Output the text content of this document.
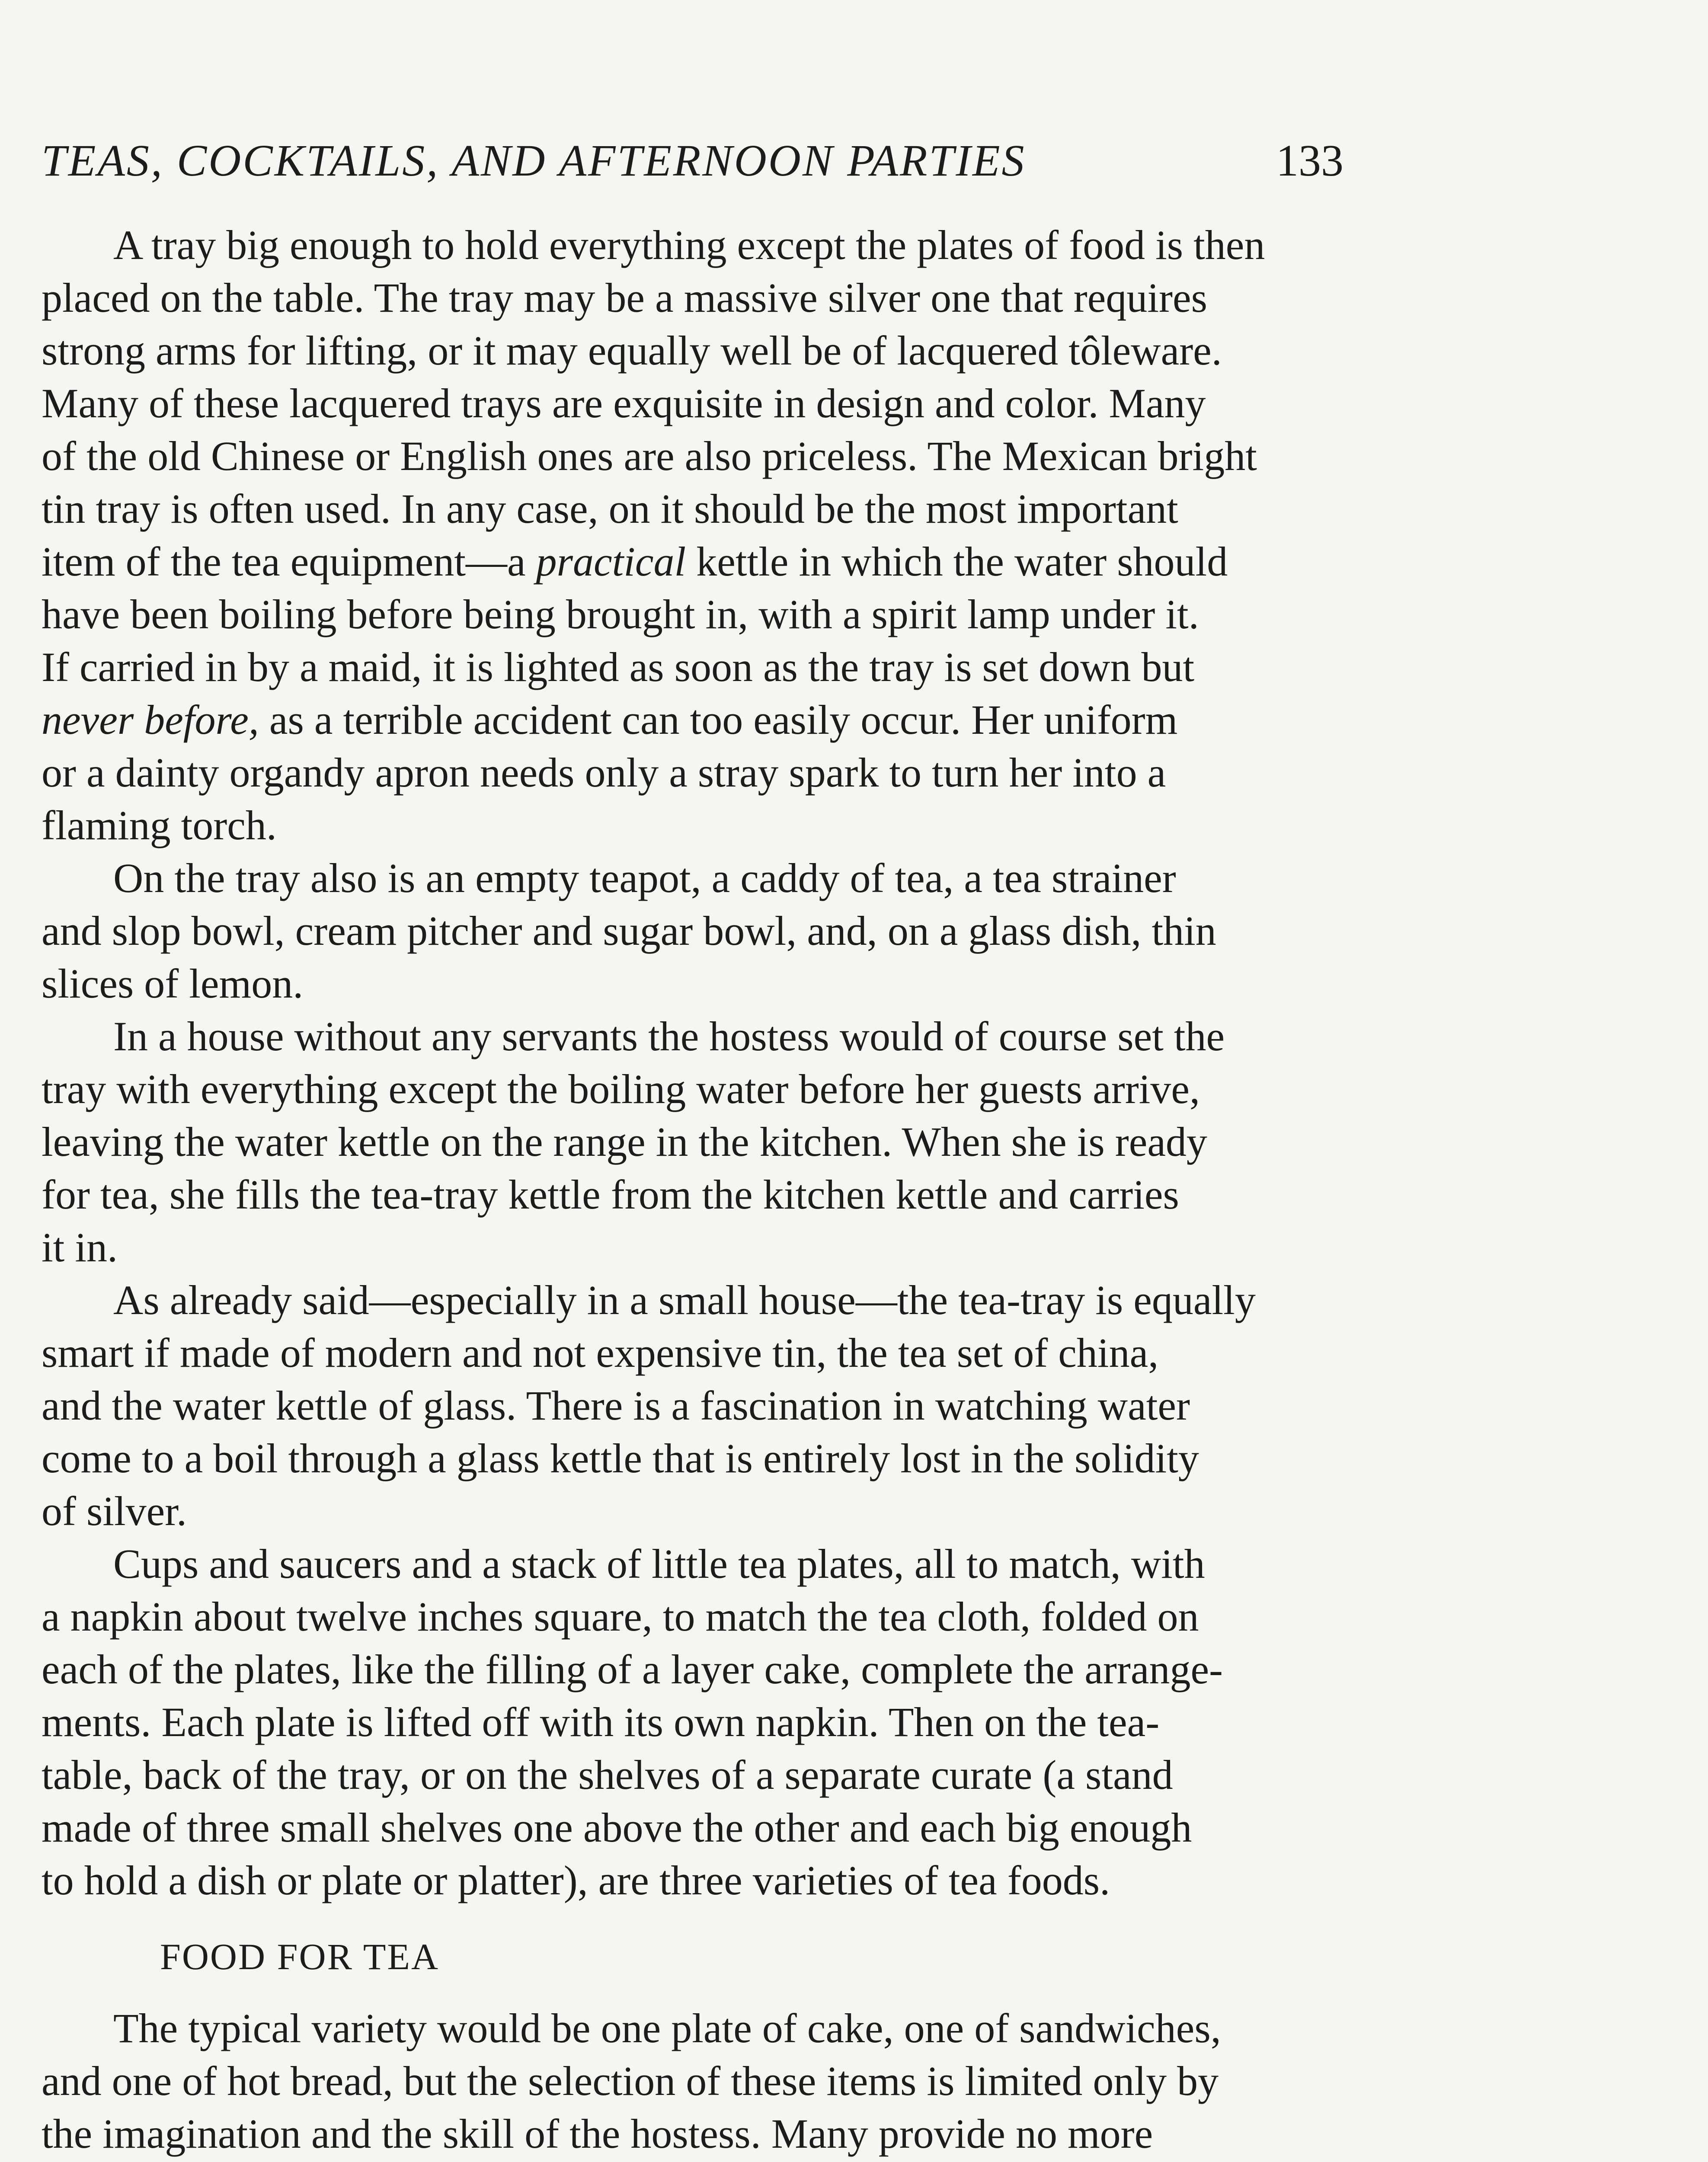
TEAS, COCKTAILS, AND AFTERNOON PARTIES	133
A tray big enough to hold everything except the plates of food is then
placed on the table. The tray may be a massive silver one that requires
strong arms for lifting, or it may equally well be of lacquered tôleware.
Many of these lacquered trays are exquisite in design and color. Many
of the old Chinese or English ones are also priceless. The Mexican bright
tin tray is often used. In any case, on it should be the most important
item of the tea equipment—a practical kettle in which the water should
have been boiling before being brought in, with a spirit lamp under it.
If carried in by a maid, it is lighted as soon as the tray is set down but
never before, as a terrible accident can too easily occur. Her uniform
or a dainty organdy apron needs only a stray spark to turn her into a
flaming torch.
On the tray also is an empty teapot, a caddy of tea, a tea strainer
and slop bowl, cream pitcher and sugar bowl, and, on a glass dish, thin
slices of lemon.
In a house without any servants the hostess would of course set the
tray with everything except the boiling water before her guests arrive,
leaving the water kettle on the range in the kitchen. When she is ready
for tea, she fills the tea-tray kettle from the kitchen kettle and carries
it in.
As already said—especially in a small house—the tea-tray is equally
smart if made of modern and not expensive tin, the tea set of china,
and the water kettle of glass. There is a fascination in watching water
come to a boil through a glass kettle that is entirely lost in the solidity
of silver.
Cups and saucers and a stack of little tea plates, all to match, with
a napkin about twelve inches square, to match the tea cloth, folded on
each of the plates, like the filling of a layer cake, complete the arrange-
ments. Each plate is lifted off with its own napkin. Then on the tea-
table, back of the tray, or on the shelves of a separate curate (a stand
made of three small shelves one above the other and each big enough
to hold a dish or plate or platter), are three varieties of tea foods.
FOOD FOR TEA
The typical variety would be one plate of cake, one of sandwiches,
and one of hot bread, but the selection of these items is limited only by
the imagination and the skill of the hostess. Many provide no more
